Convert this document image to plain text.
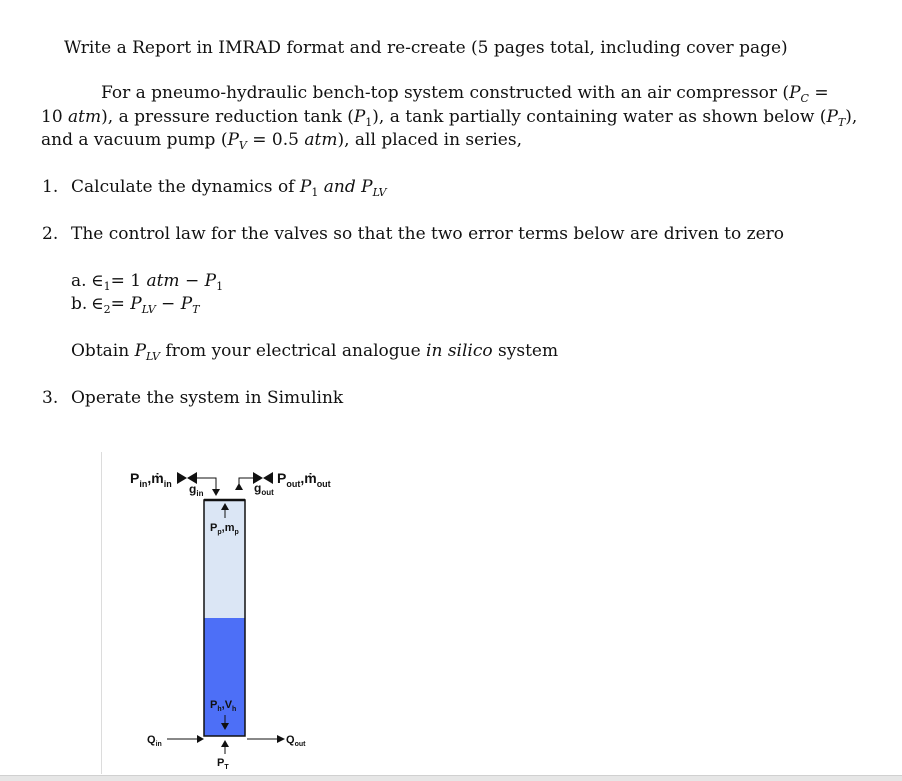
Write a Report in IMRAD format and re-create (5 pages total, including cover page)
For a pneumo-hydraulic bench-top system constructed with an air compressor ($P_C$ =
10 atm), a pressure reduction tank $(P_1)$, a tank partially containing water as shown below $(P_T)$,
and a vacuum pump ($P_V = 0.5$ atm), all placed in series,
1. Calculate the dynamics of $P_1$ and $P_{LV}$
2. The control law for the valves so that the two error terms below are driven to zero
a. $\in_1= 1$ atm − $P_1$
b. $\in_2= P_{LV} - P_T$
Obtain $P_{LV}$ from your electrical analogue in silico system
3. Operate the system in Simulink
$P_{in},ṁ_{in}$ $g_{in}$
$P_{out},ṁ_{out}$
$g_{out}$
$P_p,m_p$
$P_h,V_h$
$Q_{in}$	$Q_{out}$
$P_T$
